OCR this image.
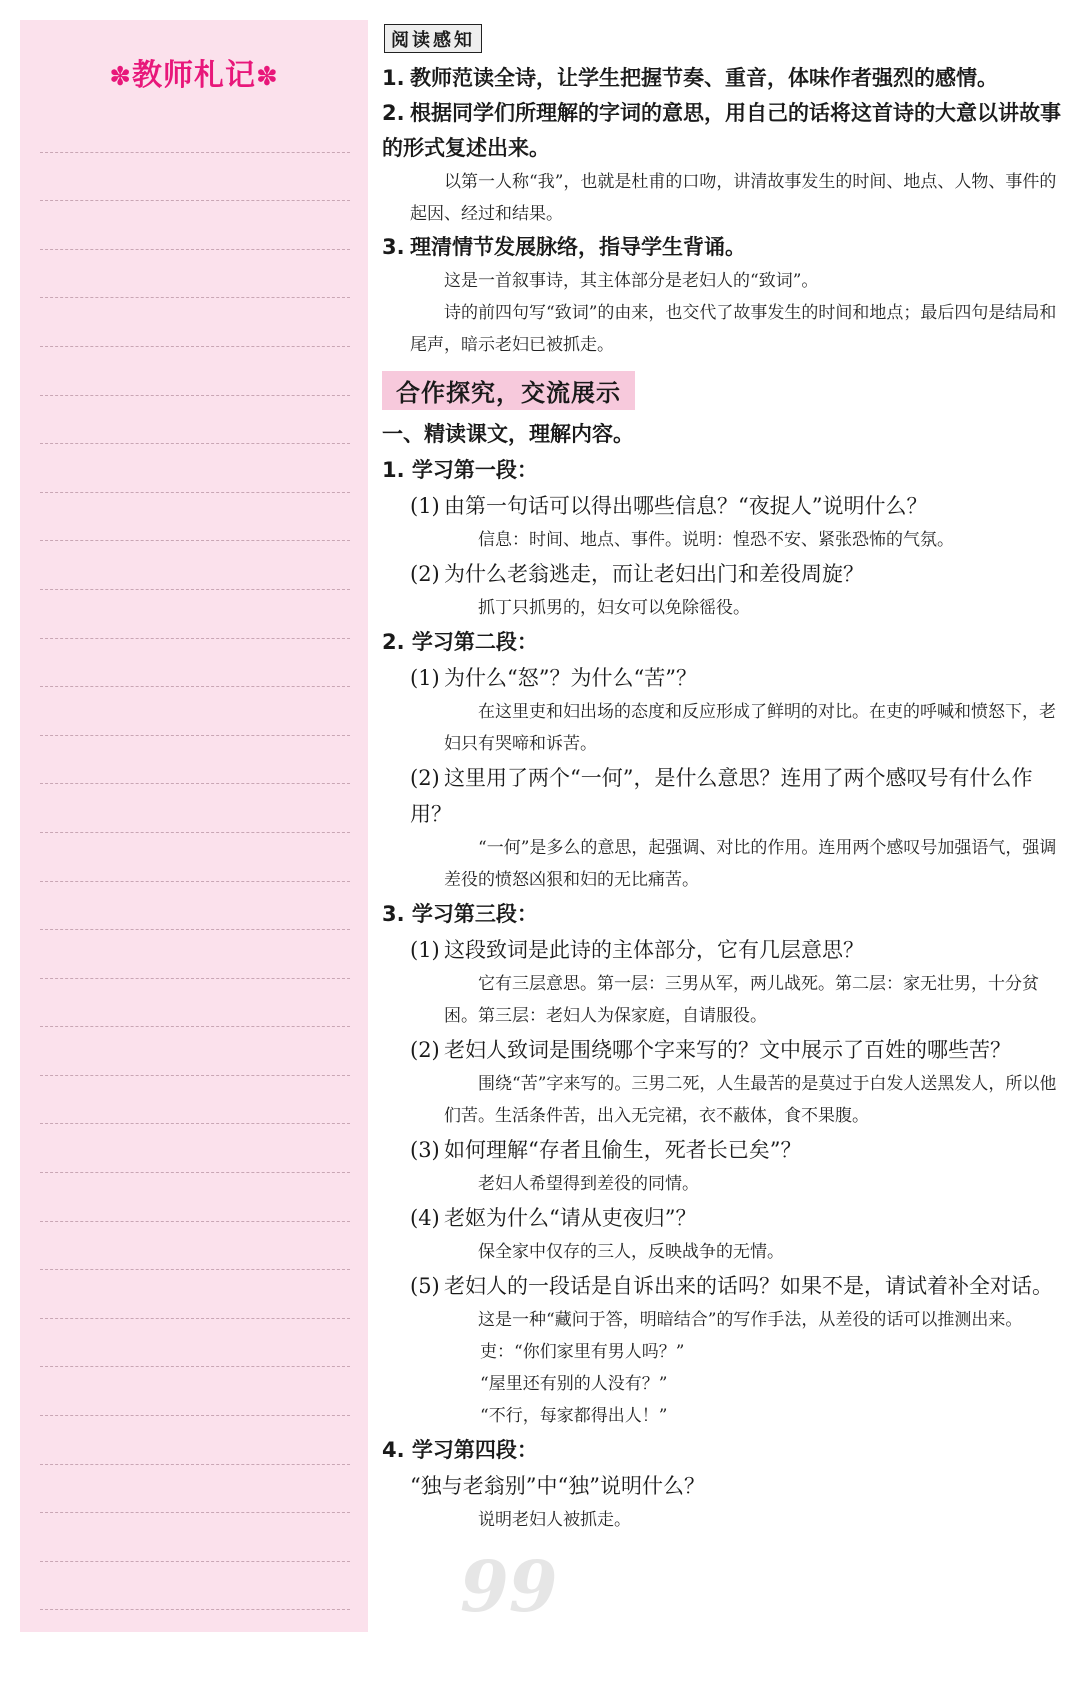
✽教师札记✽
99
阅读感知
1. 教师范读全诗，让学生把握节奏、重音，体味作者强烈的感情。
2. 根据同学们所理解的字词的意思，用自己的话将这首诗的大意以讲故事的形式复述出来。
以第一人称“我”，也就是杜甫的口吻，讲清故事发生的时间、地点、人物、事件的起因、经过和结果。
3. 理清情节发展脉络，指导学生背诵。
这是一首叙事诗，其主体部分是老妇人的“致词”。
诗的前四句写“致词”的由来，也交代了故事发生的时间和地点；最后四句是结局和尾声，暗示老妇已被抓走。
合作探究，交流展示
一、精读课文，理解内容。
1. 学习第一段：
(1) 由第一句话可以得出哪些信息？“夜捉人”说明什么？
信息：时间、地点、事件。说明：惶恐不安、紧张恐怖的气氛。
(2) 为什么老翁逃走，而让老妇出门和差役周旋？
抓丁只抓男的，妇女可以免除徭役。
2. 学习第二段：
(1) 为什么“怒”？为什么“苦”？
在这里吏和妇出场的态度和反应形成了鲜明的对比。在吏的呼喊和愤怒下，老妇只有哭啼和诉苦。
(2) 这里用了两个“一何”，是什么意思？连用了两个感叹号有什么作用？
“一何”是多么的意思，起强调、对比的作用。连用两个感叹号加强语气，强调差役的愤怒凶狠和妇的无比痛苦。
3. 学习第三段：
(1) 这段致词是此诗的主体部分，它有几层意思？
它有三层意思。第一层：三男从军，两儿战死。第二层：家无壮男，十分贫困。第三层：老妇人为保家庭，自请服役。
(2) 老妇人致词是围绕哪个字来写的？文中展示了百姓的哪些苦？
围绕“苦”字来写的。三男二死，人生最苦的是莫过于白发人送黑发人，所以他们苦。生活条件苦，出入无完裙，衣不蔽体，食不果腹。
(3) 如何理解“存者且偷生，死者长已矣”？
老妇人希望得到差役的同情。
(4) 老妪为什么“请从吏夜归”？
保全家中仅存的三人，反映战争的无情。
(5) 老妇人的一段话是自诉出来的话吗？如果不是，请试着补全对话。
这是一种“藏问于答，明暗结合”的写作手法，从差役的话可以推测出来。
吏：“你们家里有男人吗？”
“屋里还有别的人没有？”
“不行，每家都得出人！”
4. 学习第四段：
“独与老翁别”中“独”说明什么？
说明老妇人被抓走。
